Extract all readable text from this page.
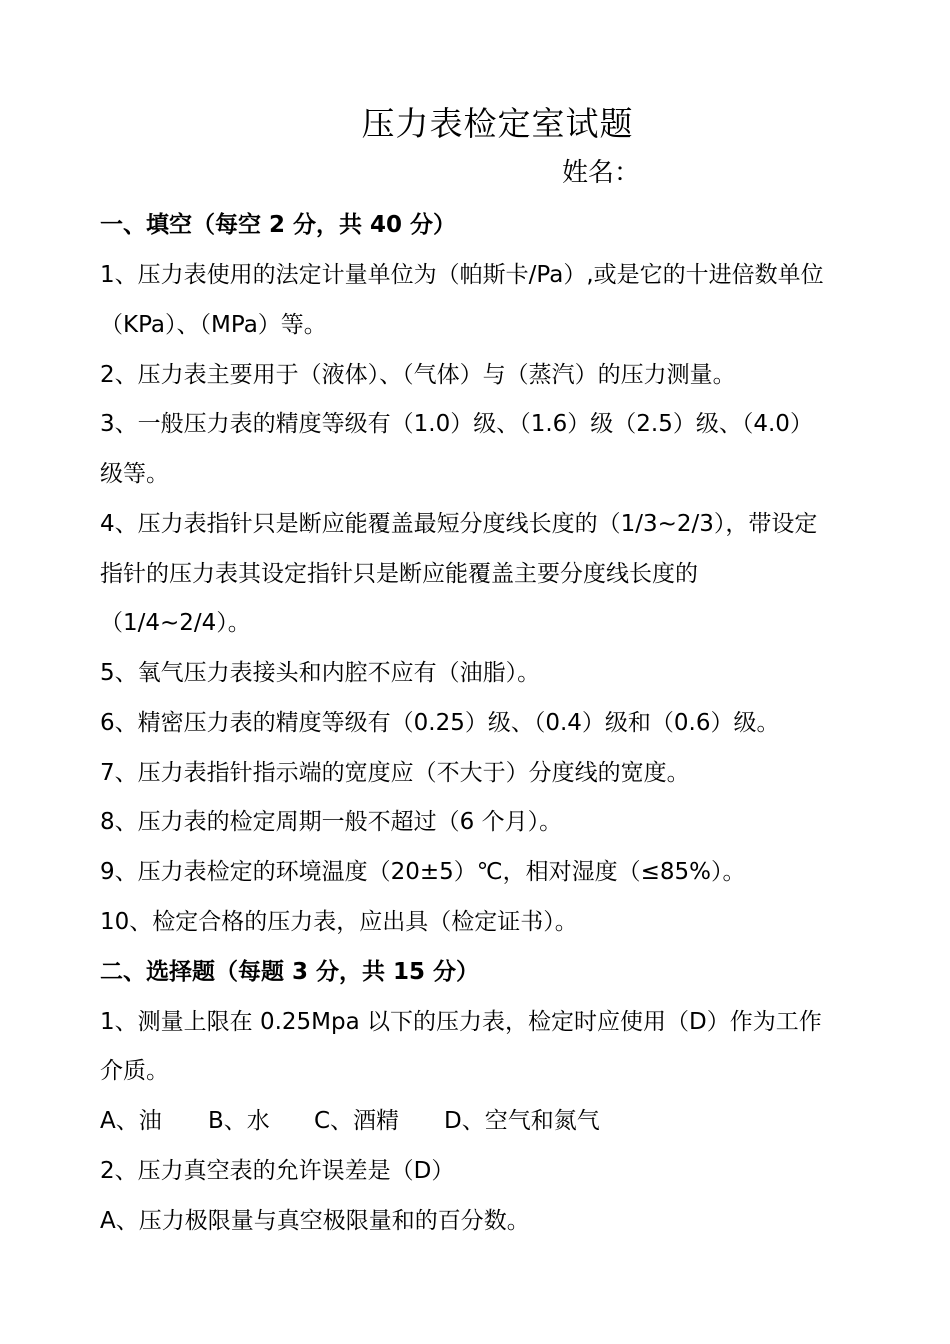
压力表检定室试题
姓名：
一、填空（每空 2 分，共 40 分）
1、压力表使用的法定计量单位为（帕斯卡/Pa）,或是它的十进倍数单位
（KPa）、（MPa）等。
2、压力表主要用于（液体）、（气体）与（蒸汽）的压力测量。
3、一般压力表的精度等级有（1.0）级、（1.6）级（2.5）级、（4.0）
级等。
4、压力表指针只是断应能覆盖最短分度线长度的（1/3~2/3），带设定
指针的压力表其设定指针只是断应能覆盖主要分度线长度的
（1/4~2/4）。
5、氧气压力表接头和内腔不应有（油脂）。
6、精密压力表的精度等级有（0.25）级、（0.4）级和（0.6）级。
7、压力表指针指示端的宽度应（不大于）分度线的宽度。
8、压力表的检定周期一般不超过（6 个月）。
9、压力表检定的环境温度（20±5）℃，相对湿度（≤85%）。
10、检定合格的压力表，应出具（检定证书）。
二、选择题（每题 3 分，共 15 分）
1、测量上限在 0.25Mpa 以下的压力表，检定时应使用（D）作为工作
介质。
A、油 B、水 C、酒精 D、空气和氮气
2、压力真空表的允许误差是（D）
A、压力极限量与真空极限量和的百分数。
